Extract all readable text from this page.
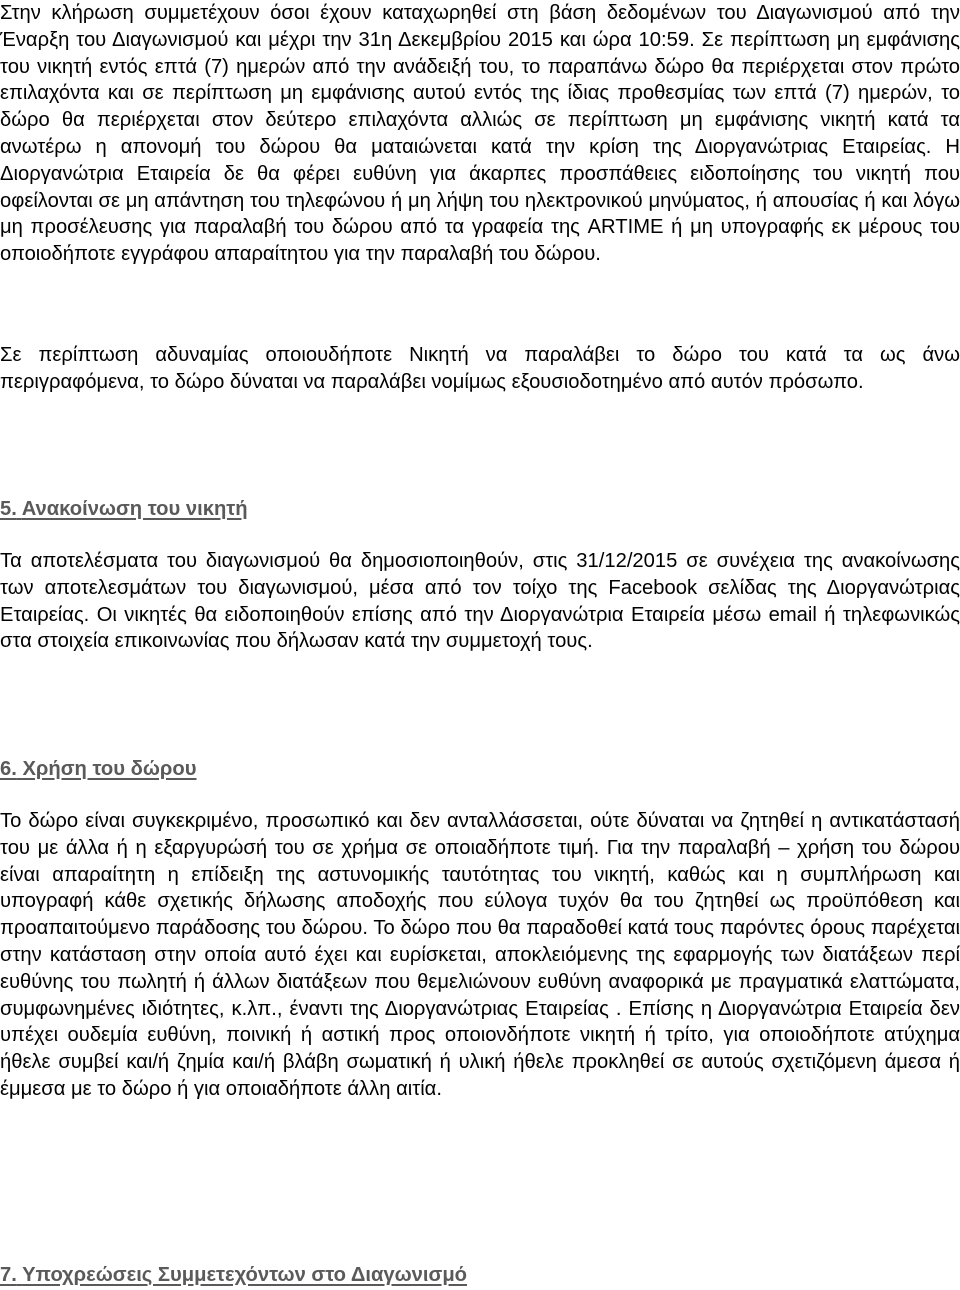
Στην κλήρωση συμμετέχουν όσοι έχουν καταχωρηθεί στη βάση δεδομένων του Διαγωνισμού από την Έναρξη του Διαγωνισμού και μέχρι την 31η Δεκεμβρίου 2015 και ώρα 10:59. Σε περίπτωση μη εμφάνισης του νικητή εντός επτά (7) ημερών από την ανάδειξή του, το παραπάνω δώρο θα περιέρχεται στον πρώτο επιλαχόντα και σε περίπτωση μη εμφάνισης αυτού εντός της ίδιας προθεσμίας των επτά (7) ημερών, το δώρο θα περιέρχεται στον δεύτερο επιλαχόντα αλλιώς σε περίπτωση μη εμφάνισης νικητή κατά τα ανωτέρω η απονομή του δώρου θα ματαιώνεται κατά την κρίση της Διοργανώτριας Εταιρείας. Η Διοργανώτρια Εταιρεία δε θα φέρει ευθύνη για άκαρπες προσπάθειες ειδοποίησης του νικητή που οφείλονται σε μη απάντηση του τηλεφώνου ή μη λήψη του ηλεκτρονικού μηνύματος, ή απουσίας ή και λόγω μη προσέλευσης για παραλαβή του δώρου από τα γραφεία της ARTIME ή μη υπογραφής εκ μέρους του οποιοδήποτε εγγράφου απαραίτητου για την παραλαβή του δώρου.

Σε περίπτωση αδυναμίας οποιουδήποτε Νικητή να παραλάβει το δώρο του κατά τα ως άνω περιγραφόμενα, το δώρο δύναται να παραλάβει νομίμως εξουσιοδοτημένο από αυτόν πρόσωπο.

5. Ανακοίνωση του νικητή

Τα αποτελέσματα του διαγωνισμού θα δημοσιοποιηθούν, στις 31/12/2015 σε συνέχεια της ανακοίνωσης των αποτελεσμάτων του διαγωνισμού, μέσα από τον τοίχο της Facebook σελίδας της Διοργανώτριας Εταιρείας. Οι νικητές θα ειδοποιηθούν επίσης από την Διοργανώτρια Εταιρεία μέσω email ή τηλεφωνικώς στα στοιχεία επικοινωνίας που δήλωσαν κατά την συμμετοχή τους.

6. Χρήση του δώρου

Το δώρο είναι συγκεκριμένο, προσωπικό και δεν ανταλλάσσεται, ούτε δύναται να ζητηθεί η αντικατάστασή του με άλλα ή η εξαργυρώσή του σε χρήμα σε οποιαδήποτε τιμή. Για την παραλαβή – χρήση του δώρου είναι απαραίτητη η επίδειξη της αστυνομικής ταυτότητας του νικητή, καθώς και η συμπλήρωση και υπογραφή κάθε σχετικής δήλωσης αποδοχής που εύλογα τυχόν θα του ζητηθεί ως προϋπόθεση και προαπαιτούμενο παράδοσης του δώρου. Το δώρο που θα παραδοθεί κατά τους παρόντες όρους παρέχεται στην κατάσταση στην οποία αυτό έχει και ευρίσκεται, αποκλειόμενης της εφαρμογής των διατάξεων περί ευθύνης του πωλητή ή άλλων διατάξεων που θεμελιώνουν ευθύνη αναφορικά με πραγματικά ελαττώματα, συμφωνημένες ιδιότητες, κ.λπ., έναντι της Διοργανώτριας Εταιρείας . Επίσης η Διοργανώτρια Εταιρεία δεν υπέχει ουδεμία ευθύνη, ποινική ή αστική προς οποιονδήποτε νικητή ή τρίτο, για οποιοδήποτε ατύχημα ήθελε συμβεί και/ή ζημία και/ή βλάβη σωματική ή υλική ήθελε προκληθεί σε αυτούς σχετιζόμενη άμεσα ή έμμεσα με το δώρο ή για οποιαδήποτε άλλη αιτία.

7. Υποχρεώσεις Συμμετεχόντων στο Διαγωνισμό
